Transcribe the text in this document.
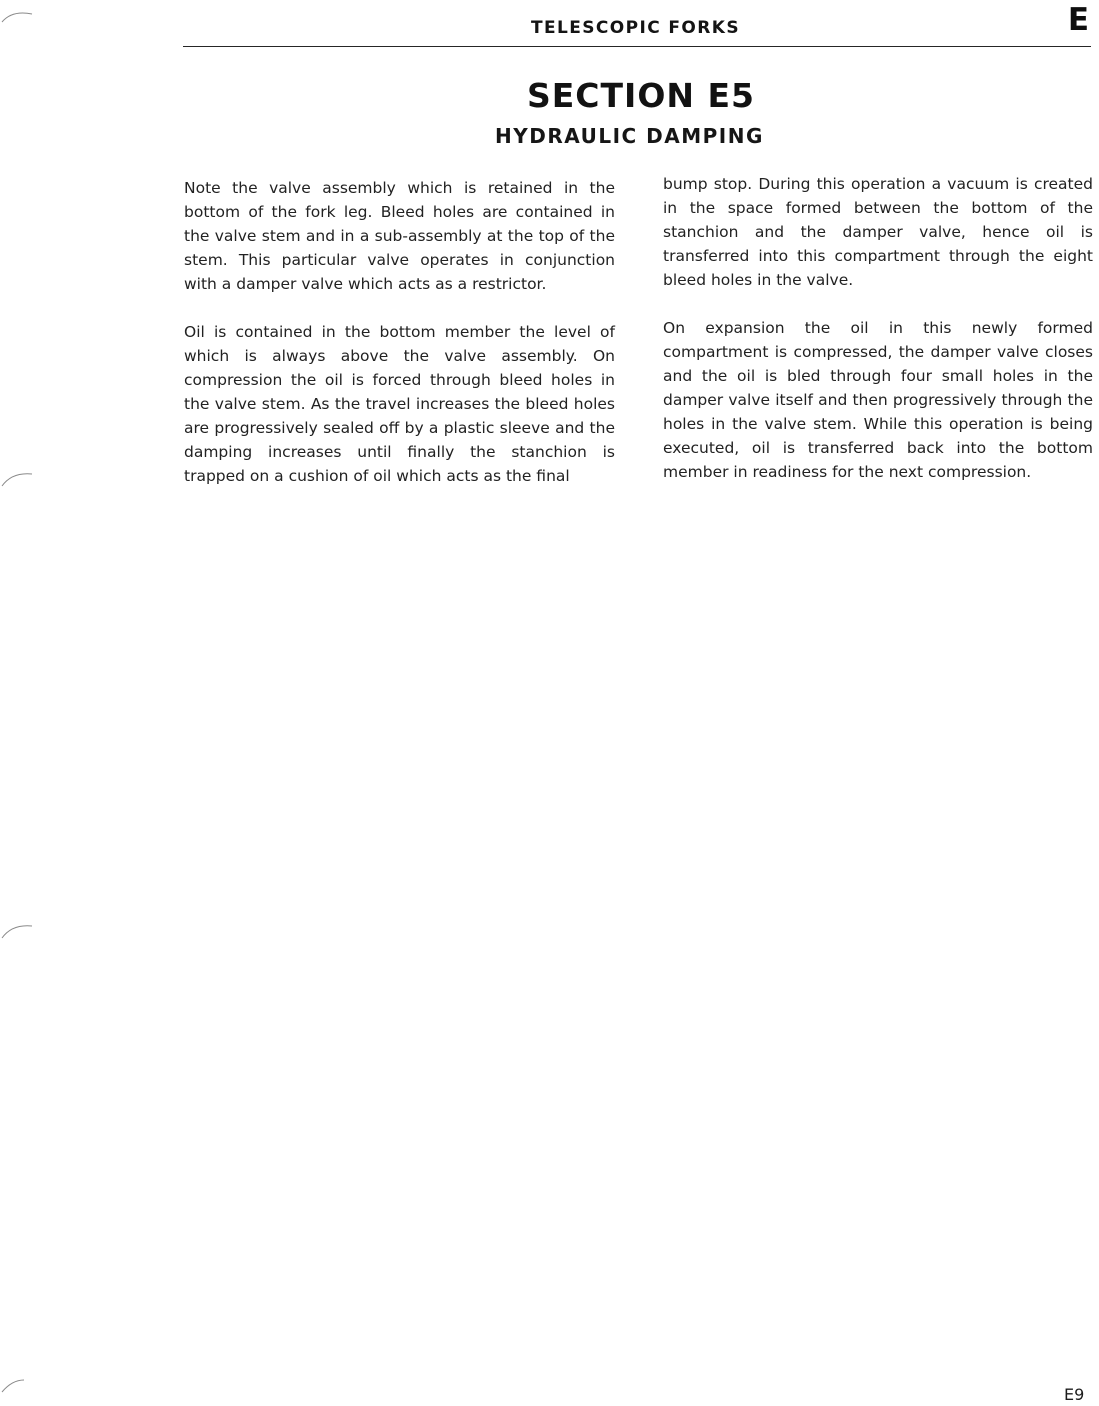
TELESCOPIC FORKS	E
SECTION E5
HYDRAULIC DAMPING

Note the valve assembly which is retained in the bottom of the fork leg. Bleed holes are contained in the valve stem and in a sub-assembly at the top of the stem. This particular valve operates in conjunction with a damper valve which acts as a restrictor.

Oil is contained in the bottom member the level of which is always above the valve assembly. On compression the oil is forced through bleed holes in the valve stem. As the travel increases the bleed holes are progressively sealed off by a plastic sleeve and the damping increases until finally the stanchion is trapped on a cushion of oil which acts as the final

bump stop. During this operation a vacuum is created in the space formed between the bottom of the stanchion and the damper valve, hence oil is transferred into this compartment through the eight bleed holes in the valve.

On expansion the oil in this newly formed compartment is compressed, the damper valve closes and the oil is bled through four small holes in the damper valve itself and then progressively through the holes in the valve stem. While this operation is being executed, oil is transferred back into the bottom member in readiness for the next compression.

E9
